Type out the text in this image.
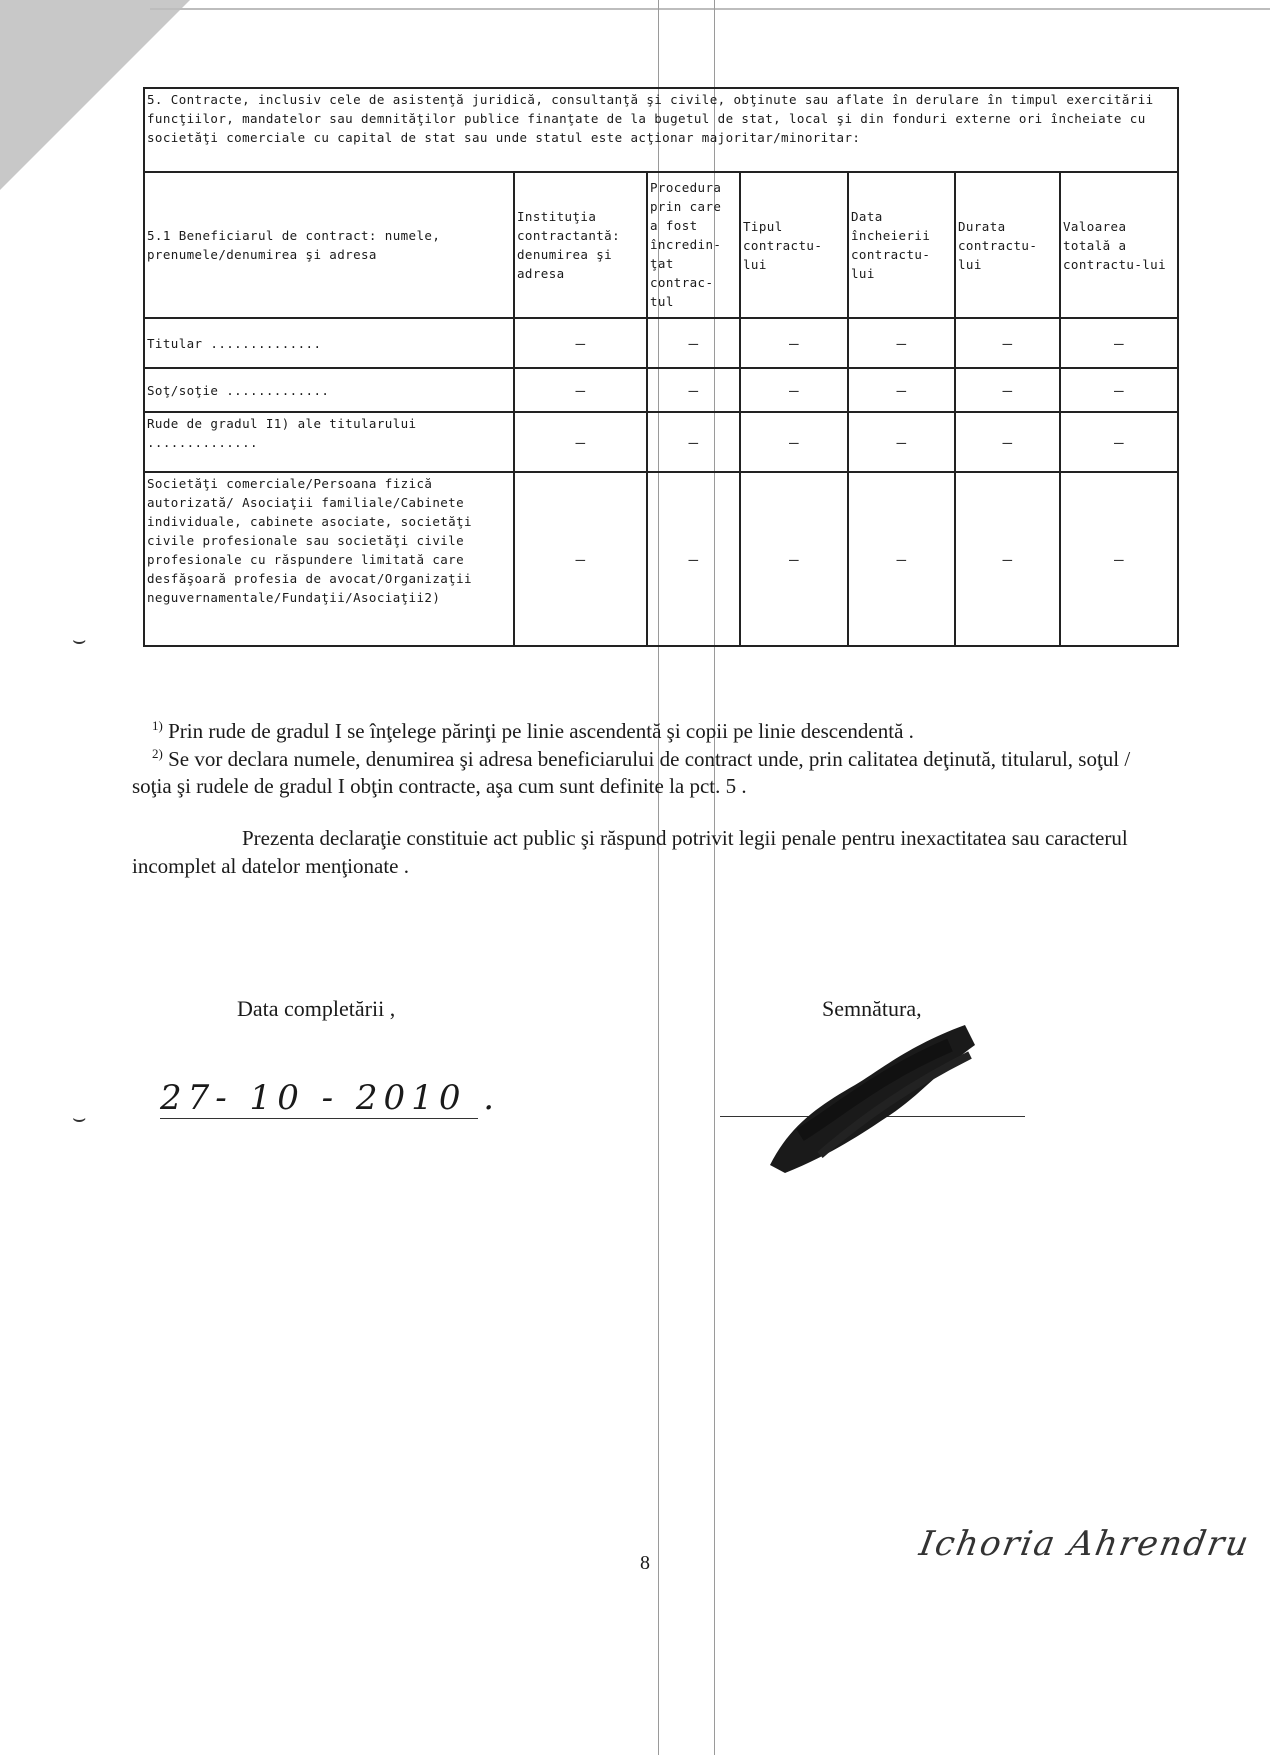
5. Contracte, inclusiv cele de asistenţă juridică, consultanţă şi civile, obţinute sau aflate în derulare în timpul exercitării funcţiilor, mandatelor sau demnităţilor publice finanţate de la bugetul de stat, local şi din fonduri externe ori încheiate cu societăţi comerciale cu capital de stat sau unde statul este acţionar majoritar/minoritar:						
5.1 Beneficiarul de contract: numele, prenumele/denumirea şi adresa	Instituţia contractantă: denumirea şi adresa	Procedura prin care a fost încredin-ţat contrac-tul	Tipul contractu-lui	Data încheierii contractu-lui	Durata contractu-lui	Valoarea totală a contractu-lui
Titular ..............	—	—	—	—	—	—
Soţ/soţie .............	—	—	—	—	—	—
Rude de gradul I1) ale titularului ..............	—	—	—	—	—	—
Societăţi comerciale/Persoana fizică autorizată/ Asociaţii familiale/Cabinete individuale, cabinete asociate, societăţi civile profesionale sau societăţi civile profesionale cu răspundere limitată care desfăşoară profesia de avocat/Organizaţii neguvernamentale/Fundaţii/Asociaţii2)	—	—	—	—	—	—
⌣
$^{1)}$ Prin rude de gradul I se înţelege părinţi pe linie ascendentă şi copii pe linie descendentă .
$^{2)}$ Se vor declara numele, denumirea şi adresa beneficiarului de contract unde, prin calitatea deţinută, titularul, soţul / soţia şi rudele de gradul I obţin contracte, aşa cum sunt definite la pct. 5 .
Prezenta declaraţie constituie act public şi răspund potrivit legii penale pentru inexactitatea sau caracterul incomplet al datelor menţionate .
Data completării ,	Semnătura,
⌣
27- 10 - 2010 .
8	Ichoria Ahrendru
